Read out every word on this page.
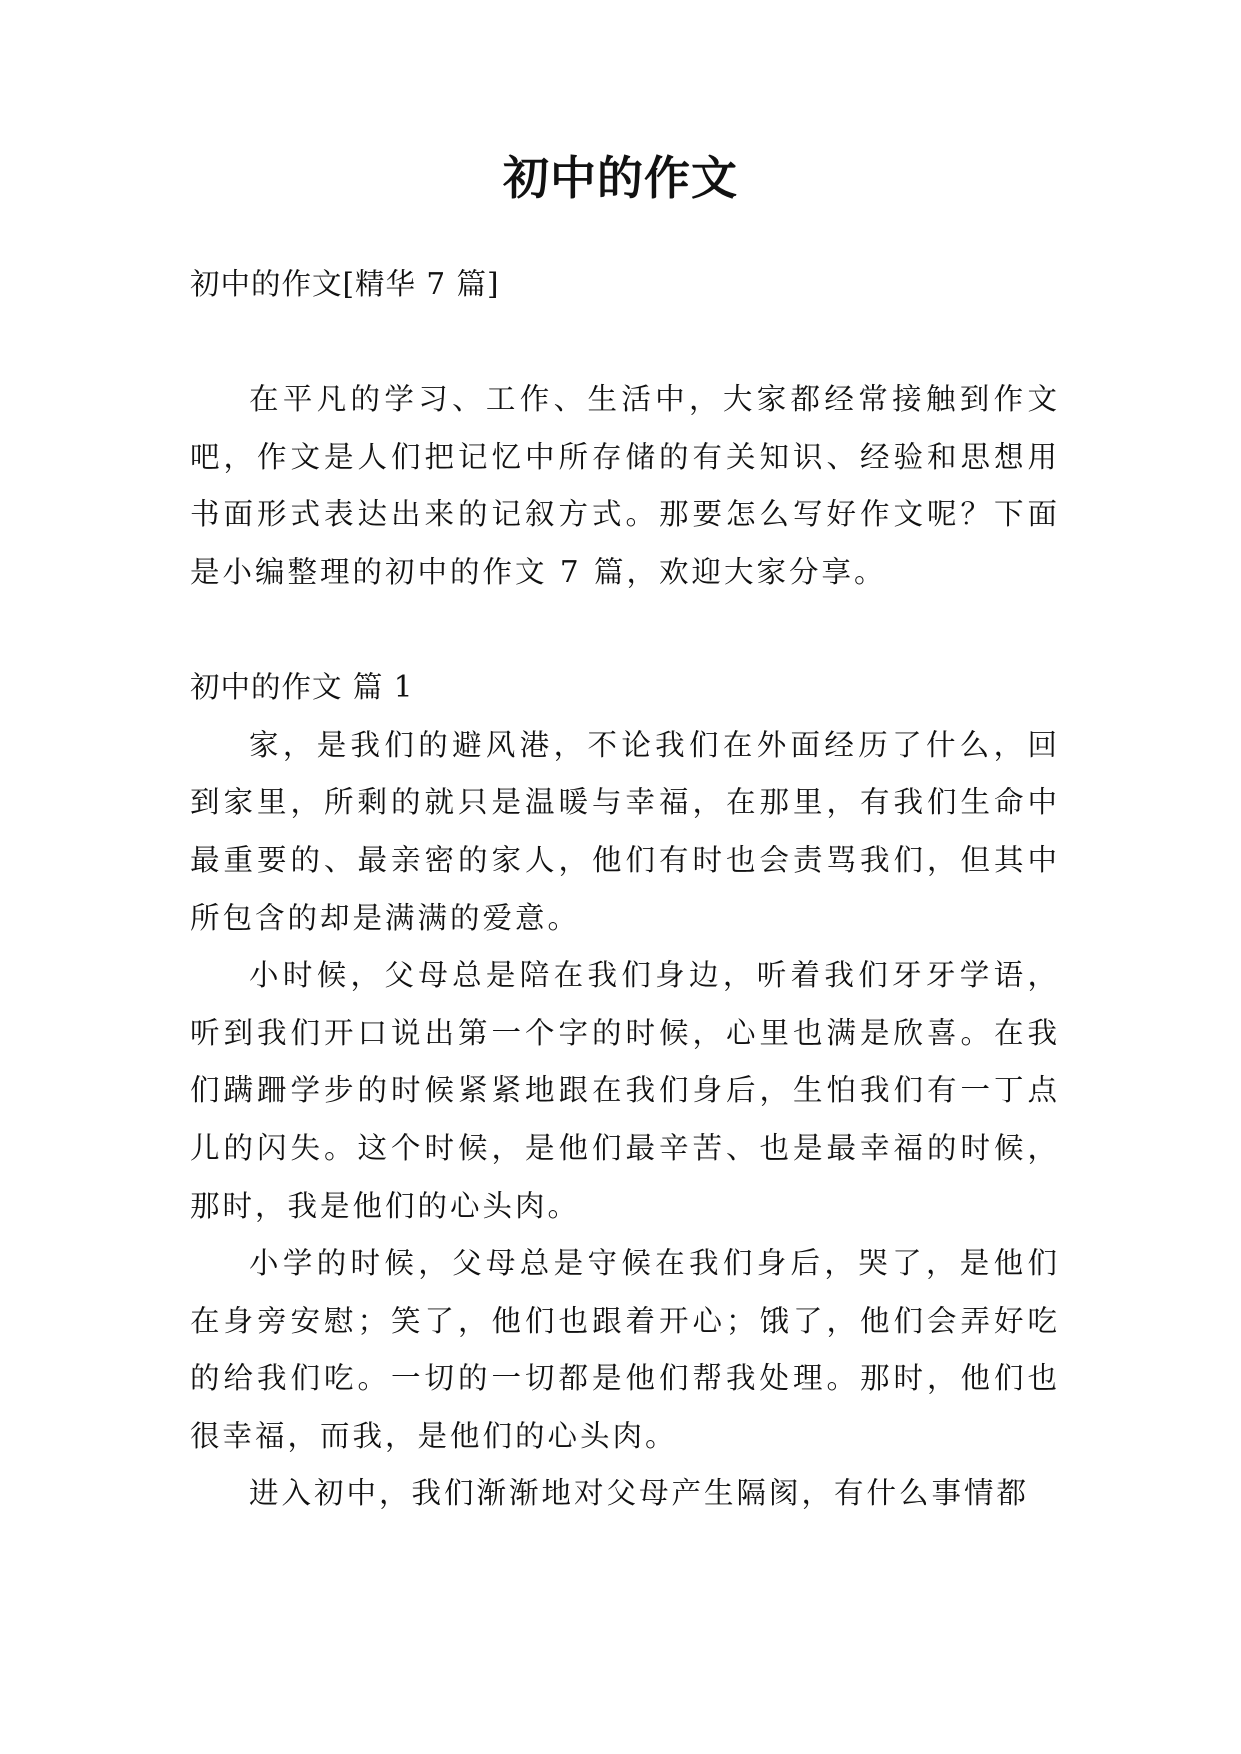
初中的作文

初中的作文[精华 7 篇]

在平凡的学习、工作、生活中，大家都经常接触到作文吧，作文是人们把记忆中所存储的有关知识、经验和思想用书面形式表达出来的记叙方式。那要怎么写好作文呢？下面是小编整理的初中的作文 7 篇，欢迎大家分享。

初中的作文 篇 1

家，是我们的避风港，不论我们在外面经历了什么，回到家里，所剩的就只是温暖与幸福，在那里，有我们生命中最重要的、最亲密的家人，他们有时也会责骂我们，但其中所包含的却是满满的爱意。

小时候，父母总是陪在我们身边，听着我们牙牙学语，听到我们开口说出第一个字的时候，心里也满是欣喜。在我们蹒跚学步的时候紧紧地跟在我们身后，生怕我们有一丁点儿的闪失。这个时候，是他们最辛苦、也是最幸福的时候，那时，我是他们的心头肉。

小学的时候，父母总是守候在我们身后，哭了，是他们在身旁安慰；笑了，他们也跟着开心；饿了，他们会弄好吃的给我们吃。一切的一切都是他们帮我处理。那时，他们也很幸福，而我，是他们的心头肉。

进入初中，我们渐渐地对父母产生隔阂，有什么事情都
